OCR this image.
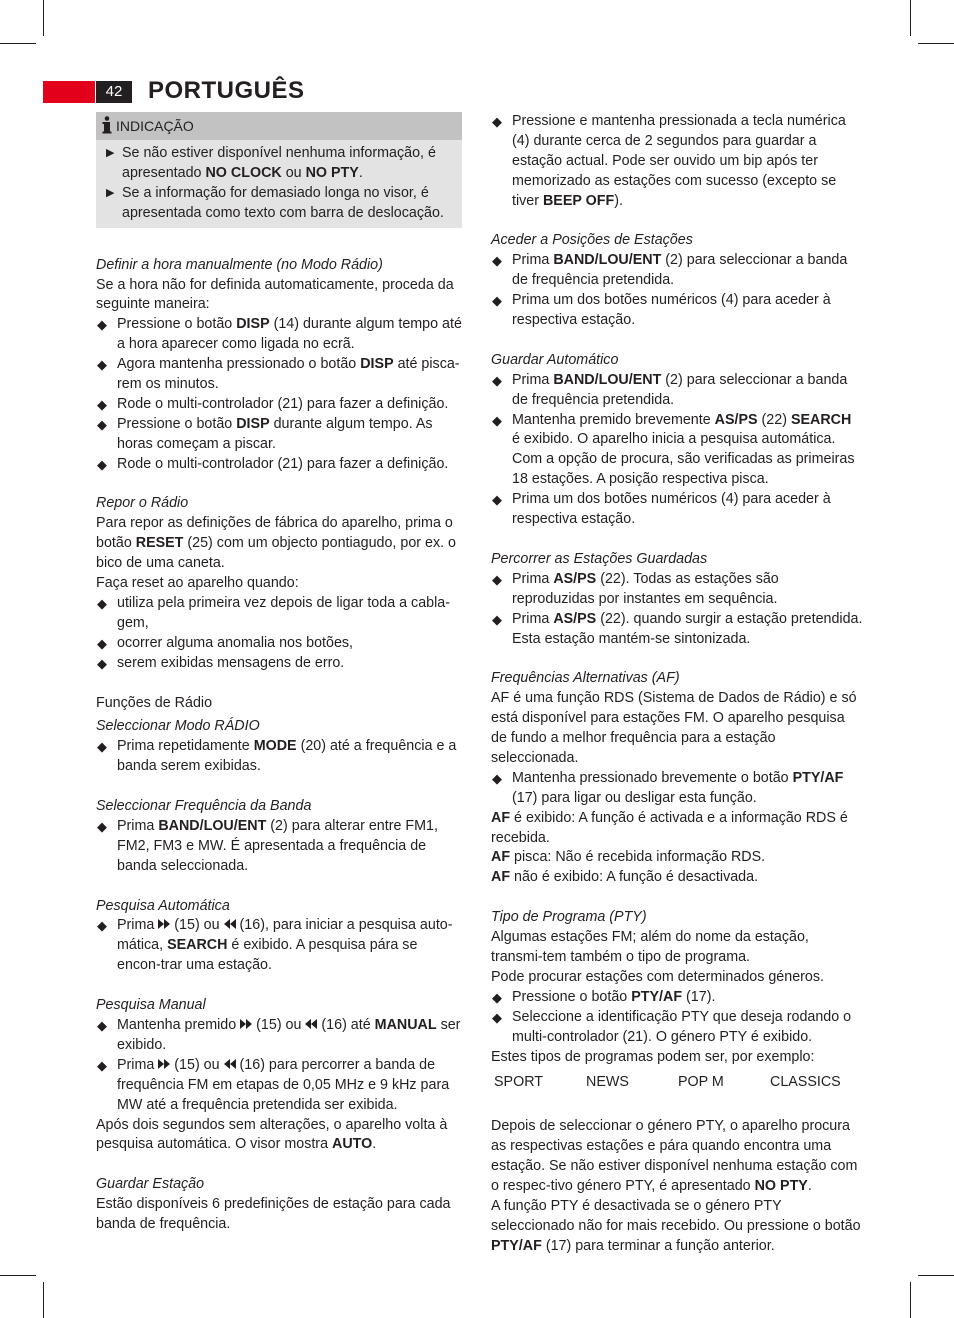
42	PORTUGUÊS
INDICAÇÃO
▶ Se não estiver disponível nenhuma informação, é apresentado NO CLOCK ou NO PTY.
▶ Se a informação for demasiado longa no visor, é apresentada como texto com barra de deslocação.
Definir a hora manualmente (no Modo Rádio)
Se a hora não for definida automaticamente, proceda da seguinte maneira:
◆ Pressione o botão DISP (14) durante algum tempo até a hora aparecer como ligada no ecrã.
◆ Agora mantenha pressionado o botão DISP até pisca-rem os minutos.
◆ Rode o multi-controlador (21) para fazer a definição.
◆ Pressione o botão DISP durante algum tempo. As horas começam a piscar.
◆ Rode o multi-controlador (21) para fazer a definição.
Repor o Rádio
Para repor as definições de fábrica do aparelho, prima o botão RESET (25) com um objecto pontiagudo, por ex. o bico de uma caneta.
Faça reset ao aparelho quando:
◆ utiliza pela primeira vez depois de ligar toda a cabla-gem,
◆ ocorrer alguma anomalia nos botões,
◆ serem exibidas mensagens de erro.
Funções de Rádio
Seleccionar Modo RÁDIO
◆ Prima repetidamente MODE (20) até a frequência e a banda serem exibidas.
Seleccionar Frequência da Banda
◆ Prima BAND/LOU/ENT (2) para alterar entre FM1, FM2, FM3 e MW. É apresentada a frequência de banda seleccionada.
Pesquisa Automática
◆ Prima  (15) ou  (16), para iniciar a pesquisa auto-mática, SEARCH é exibido. A pesquisa pára se encon-trar uma estação.
Pesquisa Manual
◆ Mantenha premido  (15) ou  (16) até MANUAL ser exibido.
◆ Prima  (15) ou  (16) para percorrer a banda de frequência FM em etapas de 0,05 MHz e 9 kHz para MW até a frequência pretendida ser exibida.
Após dois segundos sem alterações, o aparelho volta à pesquisa automática. O visor mostra AUTO.
Guardar Estação
Estão disponíveis 6 predefinições de estação para cada banda de frequência.
◆ Pressione e mantenha pressionada a tecla numérica (4) durante cerca de 2 segundos para guardar a estação actual. Pode ser ouvido um bip após ter memorizado as estações com sucesso (excepto se tiver BEEP OFF).
Aceder a Posições de Estações
◆ Prima BAND/LOU/ENT (2) para seleccionar a banda de frequência pretendida.
◆ Prima um dos botões numéricos (4) para aceder à respectiva estação.
Guardar Automático
◆ Prima BAND/LOU/ENT (2) para seleccionar a banda de frequência pretendida.
◆ Mantenha premido brevemente AS/PS (22) SEARCH é exibido. O aparelho inicia a pesquisa automática. Com a opção de procura, são verificadas as primeiras 18 estações. A posição respectiva pisca.
◆ Prima um dos botões numéricos (4) para aceder à respectiva estação.
Percorrer as Estações Guardadas
◆ Prima AS/PS (22). Todas as estações são reproduzidas por instantes em sequência.
◆ Prima AS/PS (22). quando surgir a estação pretendida. Esta estação mantém-se sintonizada.
Frequências Alternativas (AF)
AF é uma função RDS (Sistema de Dados de Rádio) e só está disponível para estações FM. O aparelho pesquisa de fundo a melhor frequência para a estação seleccionada.
◆ Mantenha pressionado brevemente o botão PTY/AF (17) para ligar ou desligar esta função.
AF é exibido: A função é activada e a informação RDS é recebida.
AF pisca: Não é recebida informação RDS.
AF não é exibido: A função é desactivada.
Tipo de Programa (PTY)
Algumas estações FM; além do nome da estação, transmi-tem também o tipo de programa.
Pode procurar estações com determinados géneros.
◆ Pressione o botão PTY/AF (17).
◆ Seleccione a identificação PTY que deseja rodando o multi-controlador (21). O género PTY é exibido.
Estes tipos de programas podem ser, por exemplo:
SPORT	NEWS	POP M	CLASSICS
Depois de seleccionar o género PTY, o aparelho procura as respectivas estações e pára quando encontra uma estação. Se não estiver disponível nenhuma estação com o respec-tivo género PTY, é apresentado NO PTY.
A função PTY é desactivada se o género PTY seleccionado não for mais recebido. Ou pressione o botão PTY/AF (17) para terminar a função anterior.
